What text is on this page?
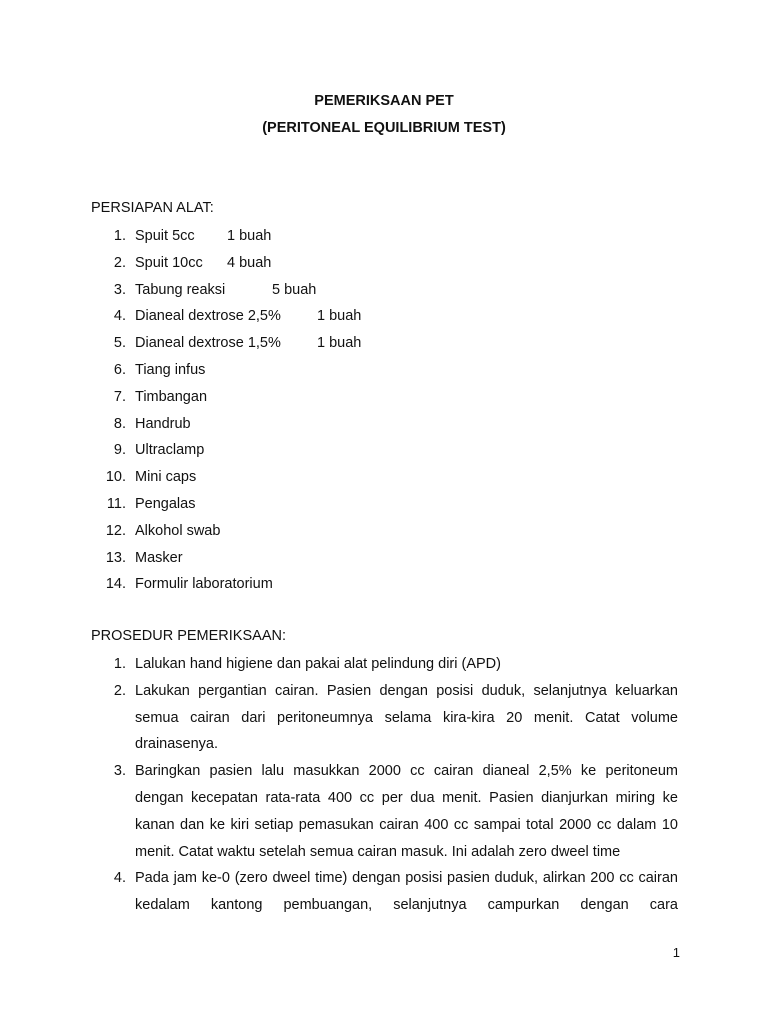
PEMERIKSAAN PET
(PERITONEAL EQUILIBRIUM TEST)
PERSIAPAN ALAT:
1. Spuit 5cc 1 buah
2. Spuit 10cc 4 buah
3. Tabung reaksi	5 buah
4. Dianeal dextrose 2,5% 1 buah
5. Dianeal dextrose 1,5% 1 buah
6. Tiang infus
7. Timbangan
8. Handrub
9. Ultraclamp
10. Mini caps
11. Pengalas
12. Alkohol swab
13. Masker
14. Formulir laboratorium
PROSEDUR PEMERIKSAAN:
1. Lalukan hand higiene dan pakai alat pelindung diri (APD)
2. Lakukan pergantian cairan. Pasien dengan posisi duduk, selanjutnya keluarkan semua cairan dari peritoneumnya selama kira-kira 20 menit. Catat volume drainasenya.
3. Baringkan pasien lalu masukkan 2000 cc cairan dianeal 2,5% ke peritoneum dengan kecepatan rata-rata 400 cc per dua menit. Pasien dianjurkan miring ke kanan dan ke kiri setiap pemasukan cairan 400 cc sampai total 2000 cc dalam 10 menit. Catat waktu setelah semua cairan masuk. Ini adalah zero dweel time
4. Pada jam ke-0 (zero dweel time) dengan posisi pasien duduk, alirkan 200 cc cairan kedalam kantong pembuangan, selanjutnya campurkan dengan cara
1
